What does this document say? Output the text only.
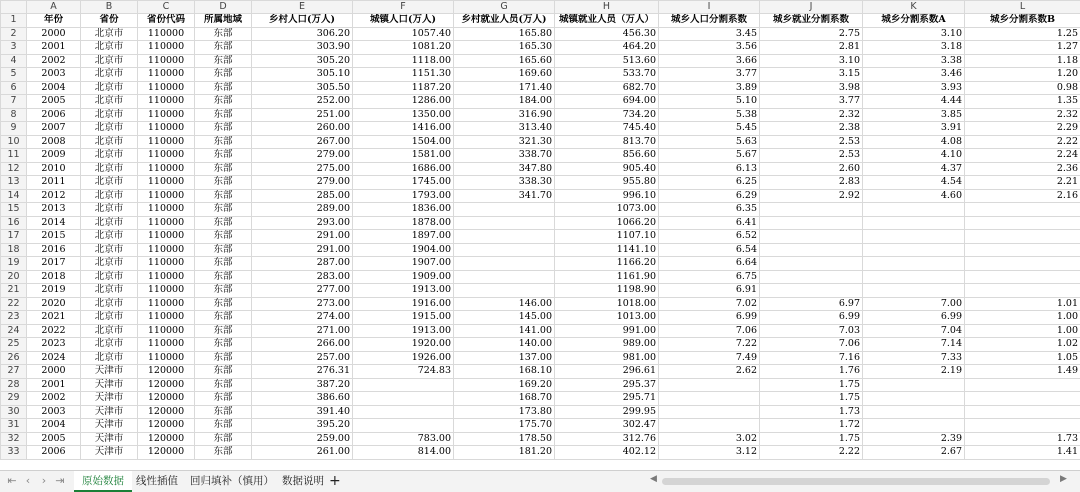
	A	B	C	D	E	F	G	H	I	J	K	L
1	年份	省份	省份代码	所属地域	乡村人口(万人)	城镇人口(万人)	乡村就业人员(万人)	城镇就业人员（万人）	城乡人口分割系数	城乡就业分割系数	城乡分割系数A	城乡分割系数B
2	2000	北京市	110000	东部	306.20	1057.40	165.80	456.30	3.45	2.75	3.10	1.25
3	2001	北京市	110000	东部	303.90	1081.20	165.30	464.20	3.56	2.81	3.18	1.27
4	2002	北京市	110000	东部	305.20	1118.00	165.60	513.60	3.66	3.10	3.38	1.18
5	2003	北京市	110000	东部	305.10	1151.30	169.60	533.70	3.77	3.15	3.46	1.20
6	2004	北京市	110000	东部	305.50	1187.20	171.40	682.70	3.89	3.98	3.93	0.98
7	2005	北京市	110000	东部	252.00	1286.00	184.00	694.00	5.10	3.77	4.44	1.35
8	2006	北京市	110000	东部	251.00	1350.00	316.90	734.20	5.38	2.32	3.85	2.32
9	2007	北京市	110000	东部	260.00	1416.00	313.40	745.40	5.45	2.38	3.91	2.29
10	2008	北京市	110000	东部	267.00	1504.00	321.30	813.70	5.63	2.53	4.08	2.22
11	2009	北京市	110000	东部	279.00	1581.00	338.70	856.60	5.67	2.53	4.10	2.24
12	2010	北京市	110000	东部	275.00	1686.00	347.80	905.40	6.13	2.60	4.37	2.36
13	2011	北京市	110000	东部	279.00	1745.00	338.30	955.80	6.25	2.83	4.54	2.21
14	2012	北京市	110000	东部	285.00	1793.00	341.70	996.10	6.29	2.92	4.60	2.16
15	2013	北京市	110000	东部	289.00	1836.00		1073.00	6.35			
16	2014	北京市	110000	东部	293.00	1878.00		1066.20	6.41			
17	2015	北京市	110000	东部	291.00	1897.00		1107.10	6.52			
18	2016	北京市	110000	东部	291.00	1904.00		1141.10	6.54			
19	2017	北京市	110000	东部	287.00	1907.00		1166.20	6.64			
20	2018	北京市	110000	东部	283.00	1909.00		1161.90	6.75			
21	2019	北京市	110000	东部	277.00	1913.00		1198.90	6.91			
22	2020	北京市	110000	东部	273.00	1916.00	146.00	1018.00	7.02	6.97	7.00	1.01
23	2021	北京市	110000	东部	274.00	1915.00	145.00	1013.00	6.99	6.99	6.99	1.00
24	2022	北京市	110000	东部	271.00	1913.00	141.00	991.00	7.06	7.03	7.04	1.00
25	2023	北京市	110000	东部	266.00	1920.00	140.00	989.00	7.22	7.06	7.14	1.02
26	2024	北京市	110000	东部	257.00	1926.00	137.00	981.00	7.49	7.16	7.33	1.05
27	2000	天津市	120000	东部	276.31	724.83	168.10	296.61	2.62	1.76	2.19	1.49
28	2001	天津市	120000	东部	387.20		169.20	295.37		1.75		
29	2002	天津市	120000	东部	386.60		168.70	295.71		1.75		
30	2003	天津市	120000	东部	391.40		173.80	299.95		1.73		
31	2004	天津市	120000	东部	395.20		175.70	302.47		1.72		
32	2005	天津市	120000	东部	259.00	783.00	178.50	312.76	3.02	1.75	2.39	1.73
33	2006	天津市	120000	东部	261.00	814.00	181.20	402.12	3.12	2.22	2.67	1.41
⇤ ‹	› ⇥	原始数据	线性插值	回归填补（慎用） 数据说明 +	◀	▶
